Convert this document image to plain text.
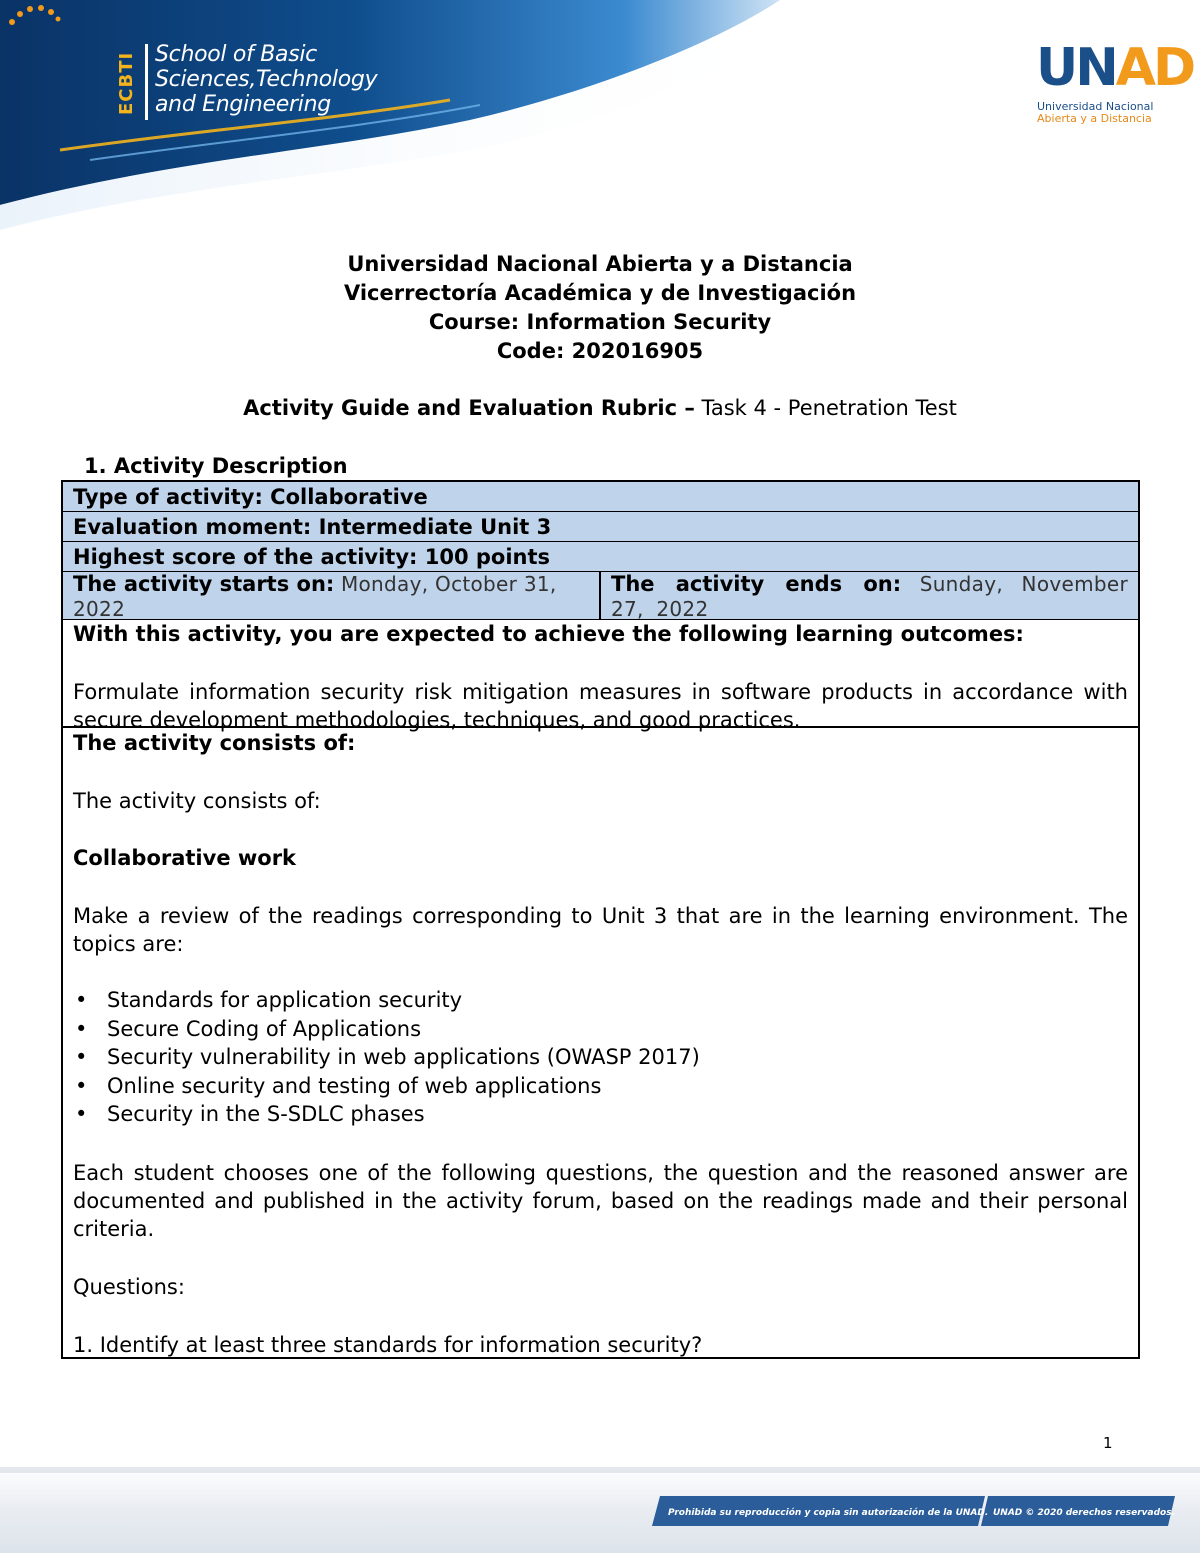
ECBTI School of Basic
Sciences,Technology
and Engineering
UNAD
Universidad Nacional
Abierta y a Distancia
Universidad Nacional Abierta y a Distancia
Vicerrectoría Académica y de Investigación
Course: Information Security
Code: 202016905
Activity Guide and Evaluation Rubric – Task 4 - Penetration Test
1. Activity Description
Type of activity: Collaborative
Evaluation moment: Intermediate Unit 3
Highest score of the activity: 100 points
The activity starts on: Monday, October 31, 2022
The activity ends on: Sunday, November 27, 2022

With this activity, you are expected to achieve the following learning outcomes:

Formulate information security risk mitigation measures in software products in accordance with secure development methodologies, techniques, and good practices.

The activity consists of:

The activity consists of:

Collaborative work

Make a review of the readings corresponding to Unit 3 that are in the learning environment. The topics are:

• Standards for application security
• Secure Coding of Applications
• Security vulnerability in web applications (OWASP 2017)
• Online security and testing of web applications
• Security in the S-SDLC phases

Each student chooses one of the following questions, the question and the reasoned answer are documented and published in the activity forum, based on the readings made and their personal criteria.

Questions:

1. Identify at least three standards for information security?

1
Prohibida su reproducción y copia sin autorización de la UNAD. UNAD © 2020 derechos reservados.
